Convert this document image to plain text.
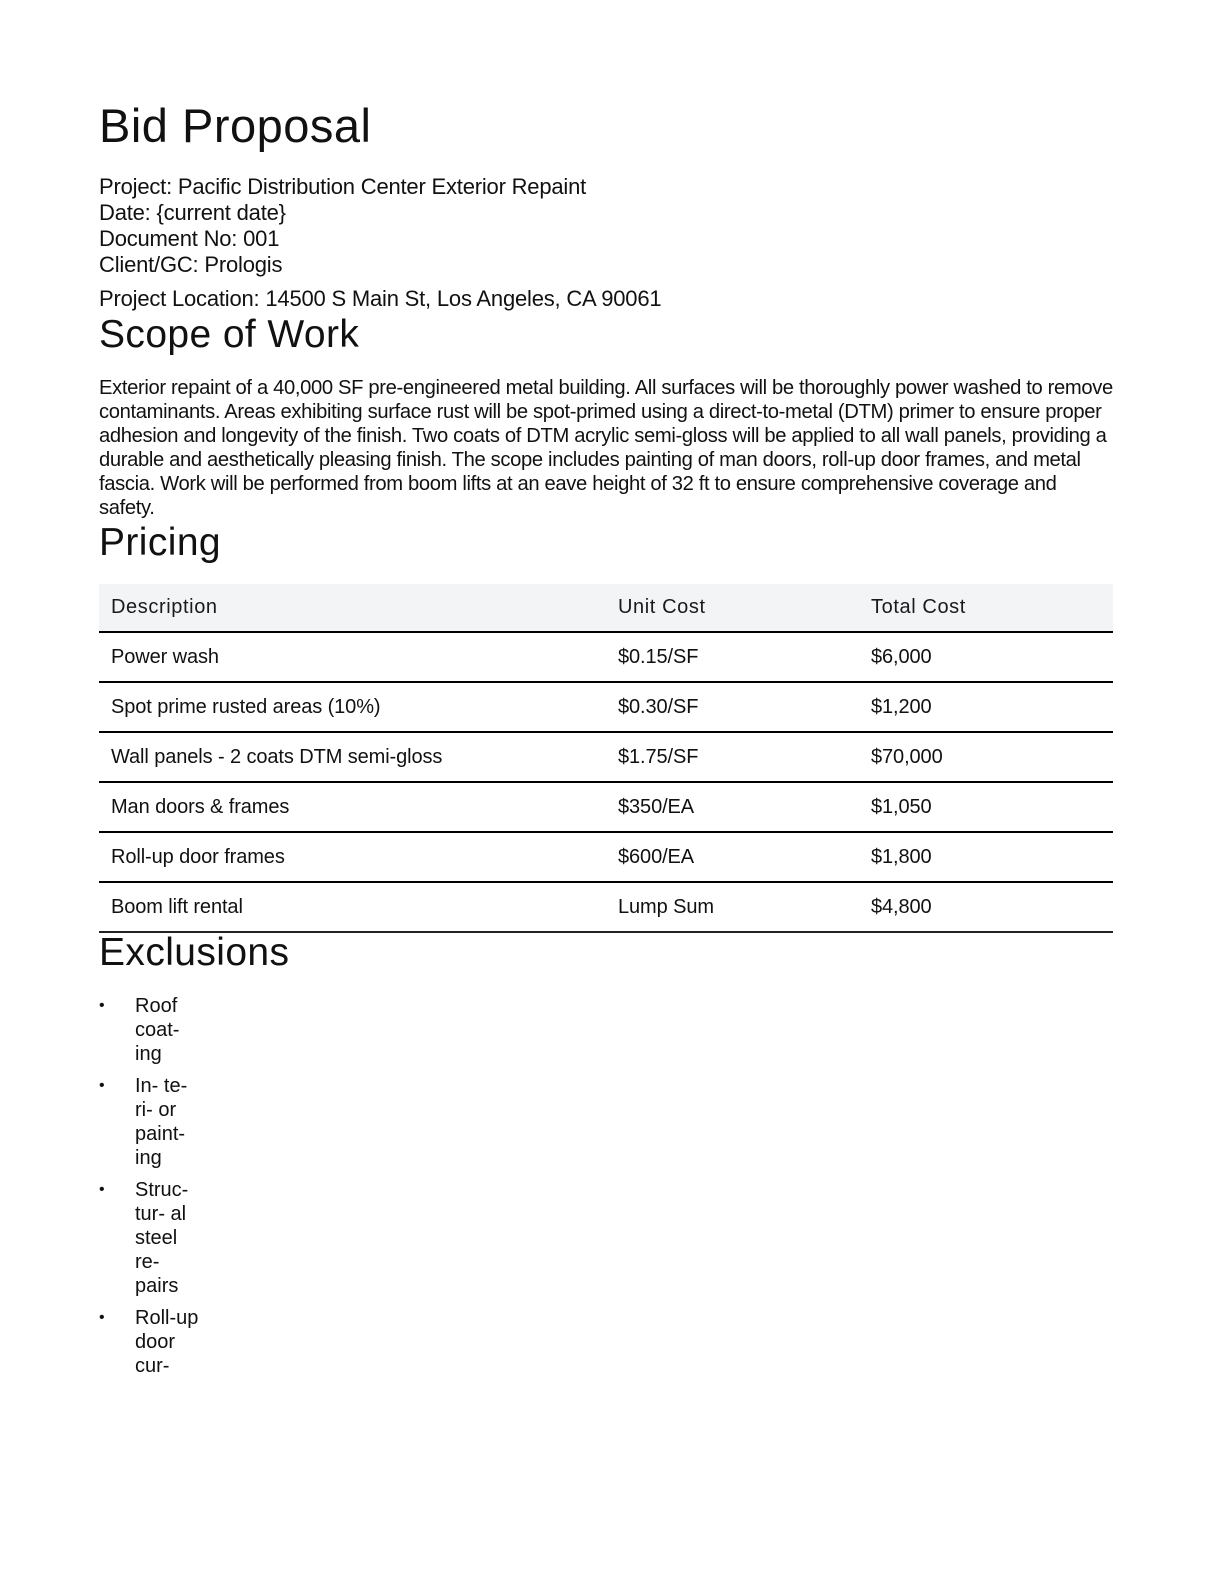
Bid Proposal
Project: Pacific Distribution Center Exterior Repaint
Date: {current date}
Document No: 001
Client/GC: Prologis
Project Location: 14500 S Main St, Los Angeles, CA 90061
Scope of Work

Exterior repaint of a 40,000 SF pre-engineered metal building. All surfaces will be thoroughly power washed to remove contaminants. Areas exhibiting surface rust will be spot-primed using a direct-to-metal (DTM) primer to ensure proper adhesion and longevity of the finish. Two coats of DTM acrylic semi-gloss will be applied to all wall panels, providing a durable and aesthetically pleasing finish. The scope includes painting of man doors, roll-up door frames, and metal fascia. Work will be performed from boom lifts at an eave height of 32 ft to ensure comprehensive coverage and safety.

Pricing
Description	Unit Cost	Total Cost
Power wash	$0.15/SF	$6,000
Spot prime rusted areas (10%)	$0.30/SF	$1,200
Wall panels - 2 coats DTM semi-gloss	$1.75/SF	$70,000
Man doors & frames	$350/EA	$1,050
Roll-up door frames	$600/EA	$1,800
Boom lift rental	Lump Sum	$4,800
Exclusions
• Roof coat- ing
• In- te- ri- or paint- ing
• Struc- tur- al steel re- pairs
• Roll-up door cur-
